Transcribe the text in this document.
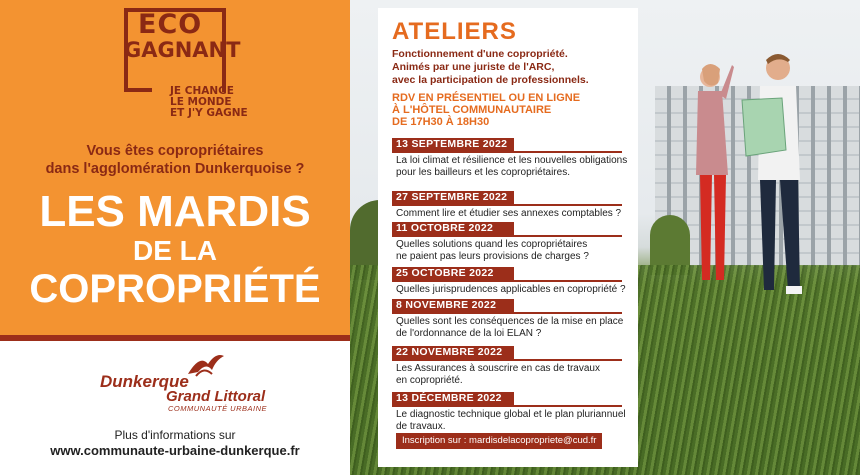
ÉCO
GAGNANT
JE CHANGE
LE MONDE
ET J'Y GAGNE
Vous êtes copropriétaires
dans l'agglomération Dunkerquoise ?
LES MARDIS
DE LA
COPROPRIÉTÉ
Dunkerque
Grand Littoral
COMMUNAUTÉ URBAINE
Plus d'informations sur
www.communaute-urbaine-dunkerque.fr
ATELIERS
Fonctionnement d'une copropriété.
Animés par une juriste de l'ARC,
avec la participation de professionnels.
RDV EN PRÉSENTIEL OU EN LIGNE
À L'HÔTEL COMMUNAUTAIRE
DE 17H30 À 18H30
13 SEPTEMBRE 2022
La loi climat et résilience et les nouvelles obligations
pour les bailleurs et les copropriétaires.
27 SEPTEMBRE 2022
Comment lire et étudier ses annexes comptables ?
11 OCTOBRE 2022
Quelles solutions quand les copropriétaires
ne paient pas leurs provisions de charges ?
25 OCTOBRE 2022
Quelles jurisprudences applicables en copropriété ?
8 NOVEMBRE 2022
Quelles sont les conséquences de la mise en place
de l'ordonnance de la loi ELAN ?
22 NOVEMBRE 2022
Les Assurances à souscrire en cas de travaux
en copropriété.
13 DÉCEMBRE 2022
Le diagnostic technique global et le plan pluriannuel
de travaux.
Inscription sur : mardisdelacopropriete@cud.fr
